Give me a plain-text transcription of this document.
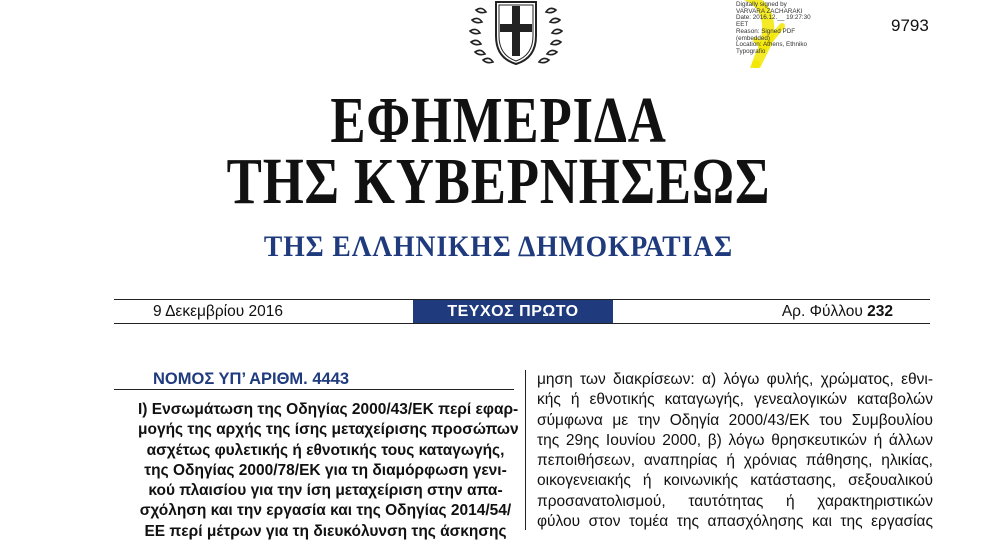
Digitally signed by
VARVARA ZACHARAKI
Date: 2016.12.__ 19:27:30
EET
Reason: Signed PDF
(embedded)
Location: Athens, Ethniko
Typografio
9793
ΕΦΗΜΕΡΙΔΑ
ΤΗΣ ΚΥΒΕΡΝΗΣΕΩΣ
ΤΗΣ ΕΛΛΗΝΙΚΗΣ ΔΗΜΟΚΡΑΤΙΑΣ
9 Δεκεμβρίου 2016	ΤΕΥΧΟΣ ΠΡΩΤΟ	Αρ. Φύλλου 232
ΝΟΜΟΣ ΥΠ’ ΑΡΙΘΜ. 4443
Ι) Ενσωμάτωση της Οδηγίας 2000/43/ΕΚ περί εφαρ-
μογής της αρχής της ίσης μεταχείρισης προσώπων
ασχέτως φυλετικής ή εθνοτικής τους καταγωγής,
της Οδηγίας 2000/78/ΕΚ για τη διαμόρφωση γενι-
κού πλαισίου για την ίση μεταχείριση στην απα-
σχόληση και την εργασία και της Οδηγίας 2014/54/
ΕΕ περί μέτρων για τη διευκόλυνση της άσκησης
μηση των διακρίσεων: α) λόγω φυλής, χρώματος, εθνι-
κής ή εθνοτικής καταγωγής, γενεαλογικών καταβολών
σύμφωνα με την Οδηγία 2000/43/ΕΚ του Συμβουλίου
της 29ης Ιουνίου 2000, β) λόγω θρησκευτικών ή άλλων
πεποιθήσεων, αναπηρίας ή χρόνιας πάθησης, ηλικίας,
οικογενειακής ή κοινωνικής κατάστασης, σεξουαλικού
προσανατολισμού, ταυτότητας ή χαρακτηριστικών
φύλου στον τομέα της απασχόλησης και της εργασίας
